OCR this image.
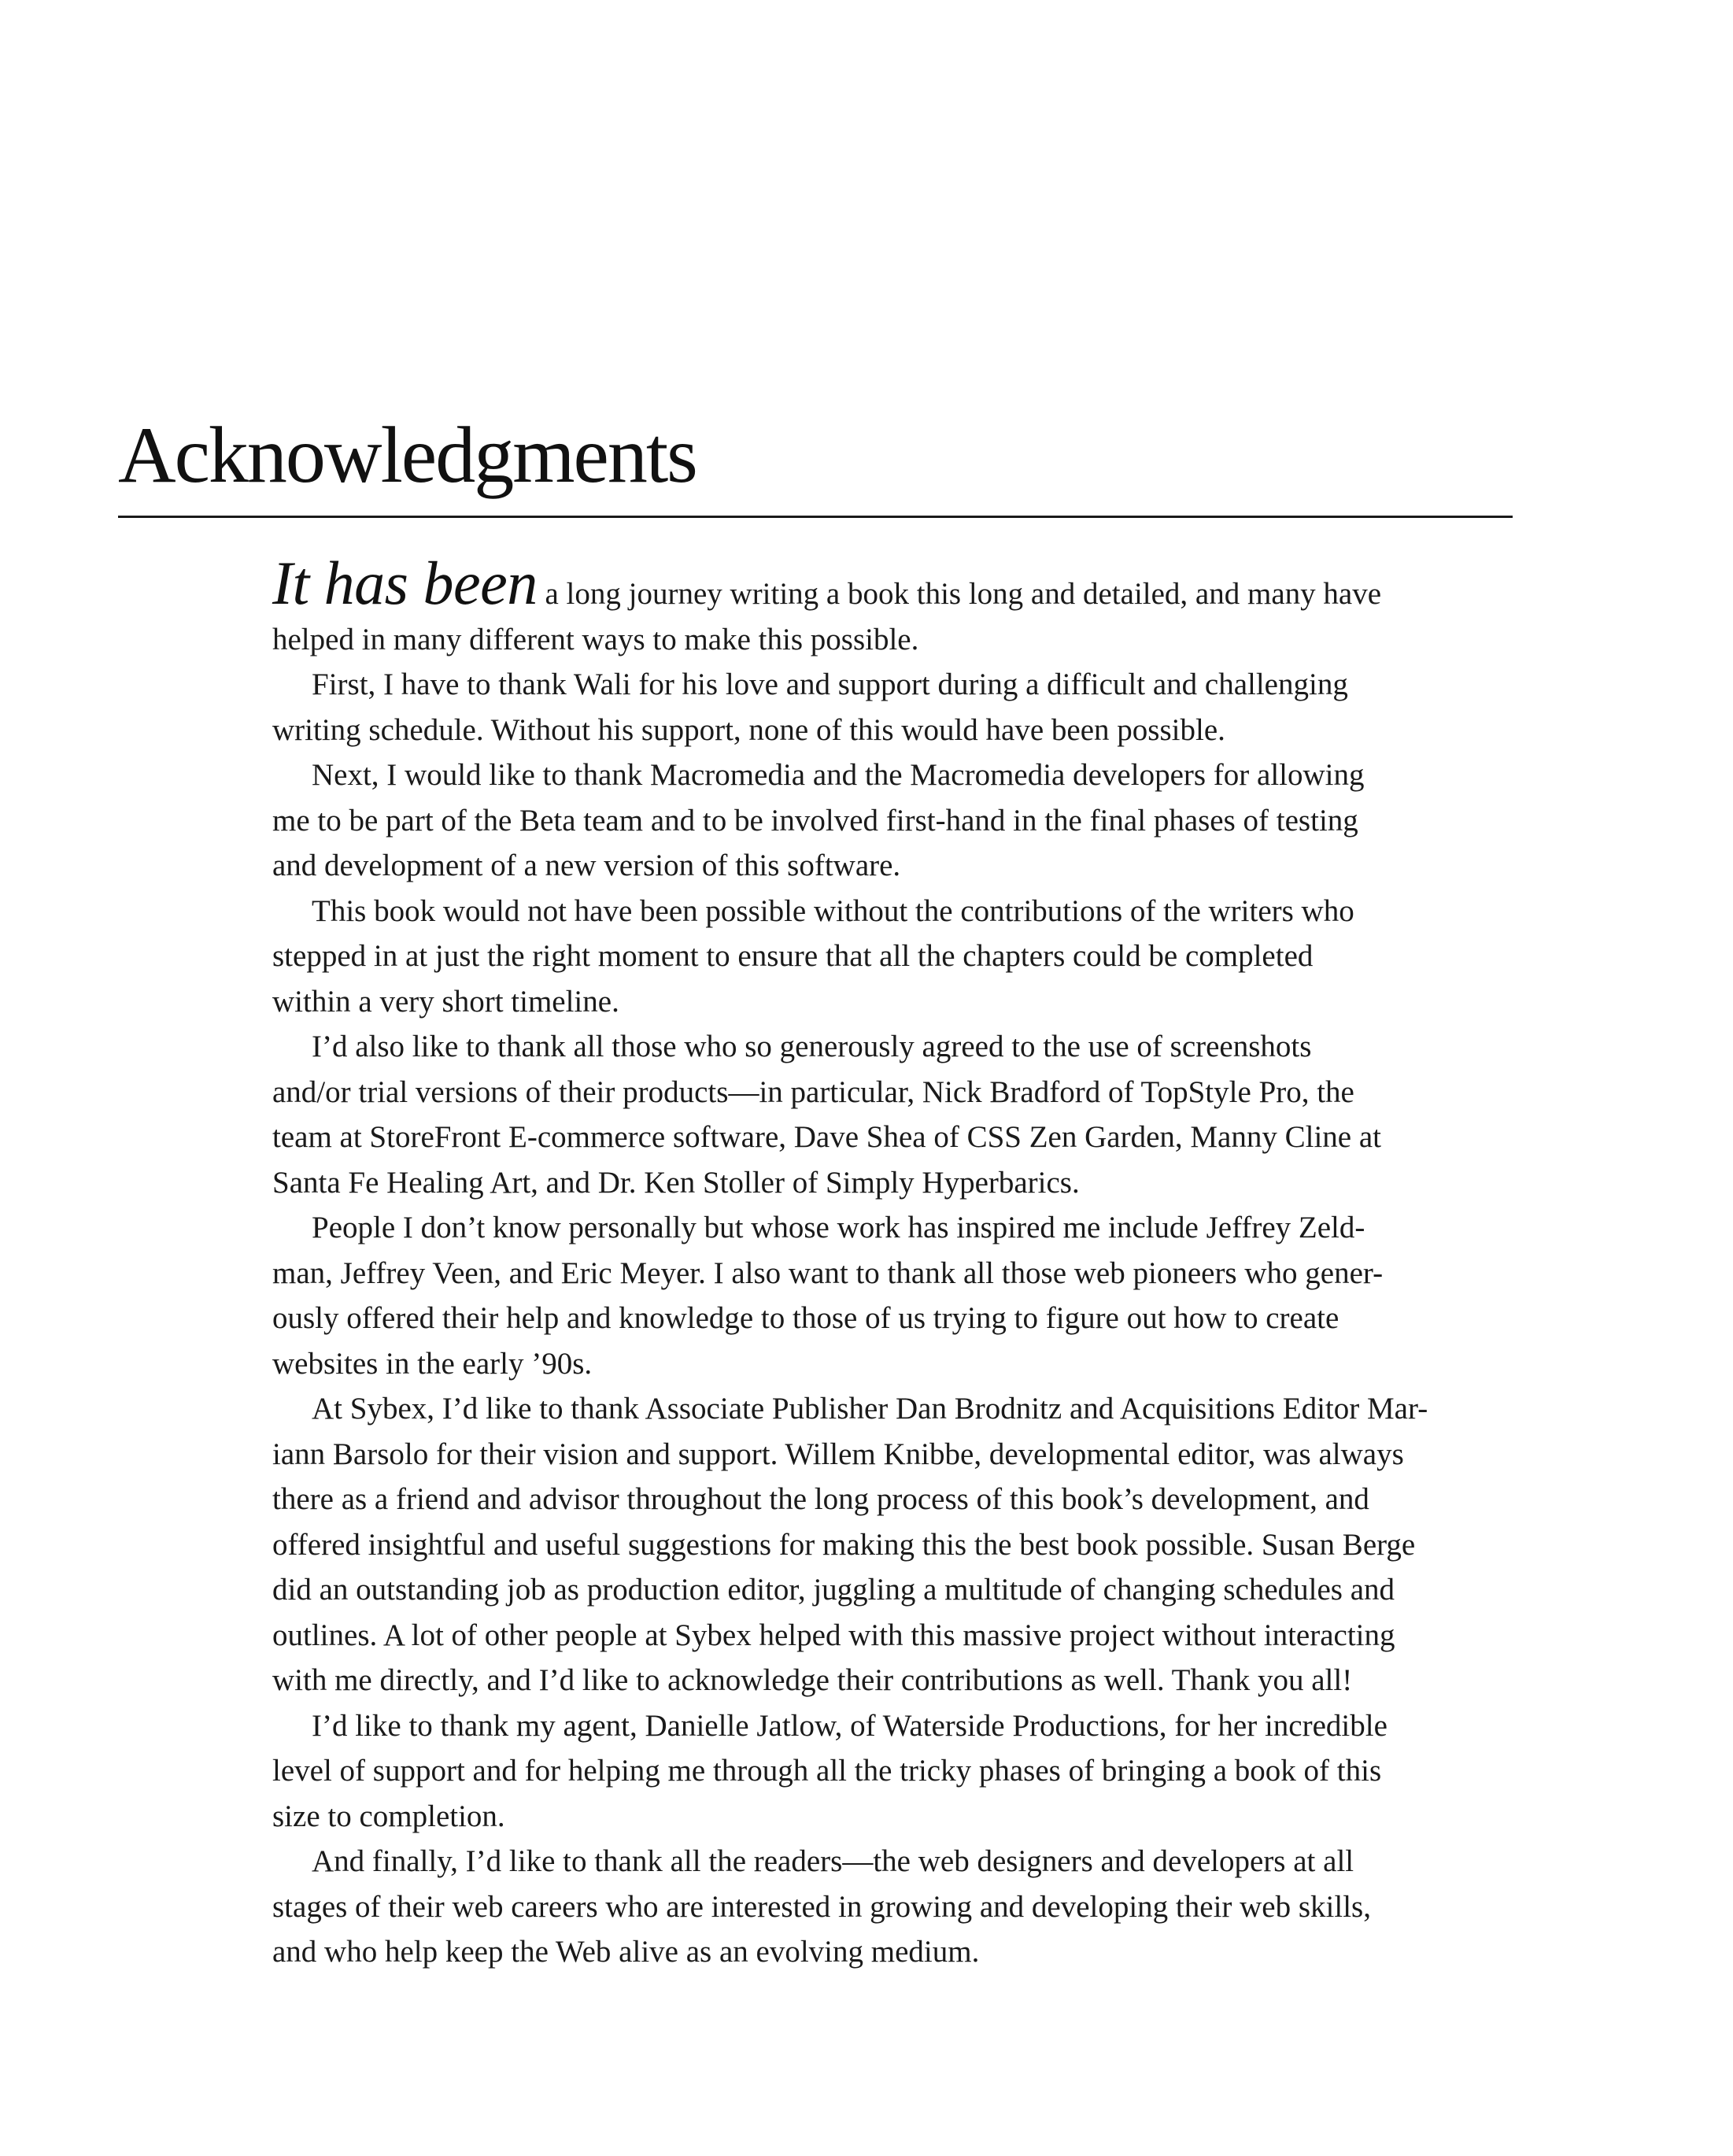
Acknowledgments

It has been a long journey writing a book this long and detailed, and many have

helped in many different ways to make this possible.

First, I have to thank Wali for his love and support during a difficult and challenging

writing schedule. Without his support, none of this would have been possible.

Next, I would like to thank Macromedia and the Macromedia developers for allowing

me to be part of the Beta team and to be involved first-hand in the final phases of testing

and development of a new version of this software.

This book would not have been possible without the contributions of the writers who

stepped in at just the right moment to ensure that all the chapters could be completed

within a very short timeline.

I’d also like to thank all those who so generously agreed to the use of screenshots

and/or trial versions of their products—in particular, Nick Bradford of TopStyle Pro, the

team at StoreFront E-commerce software, Dave Shea of CSS Zen Garden, Manny Cline at

Santa Fe Healing Art, and Dr. Ken Stoller of Simply Hyperbarics.

People I don’t know personally but whose work has inspired me include Jeffrey Zeld-

man, Jeffrey Veen, and Eric Meyer. I also want to thank all those web pioneers who gener-

ously offered their help and knowledge to those of us trying to figure out how to create

websites in the early ’90s.

At Sybex, I’d like to thank Associate Publisher Dan Brodnitz and Acquisitions Editor Mar-

iann Barsolo for their vision and support. Willem Knibbe, developmental editor, was always

there as a friend and advisor throughout the long process of this book’s development, and

offered insightful and useful suggestions for making this the best book possible. Susan Berge

did an outstanding job as production editor, juggling a multitude of changing schedules and

outlines. A lot of other people at Sybex helped with this massive project without interacting

with me directly, and I’d like to acknowledge their contributions as well. Thank you all!

I’d like to thank my agent, Danielle Jatlow, of Waterside Productions, for her incredible

level of support and for helping me through all the tricky phases of bringing a book of this

size to completion.

And finally, I’d like to thank all the readers—the web designers and developers at all

stages of their web careers who are interested in growing and developing their web skills,

and who help keep the Web alive as an evolving medium.
